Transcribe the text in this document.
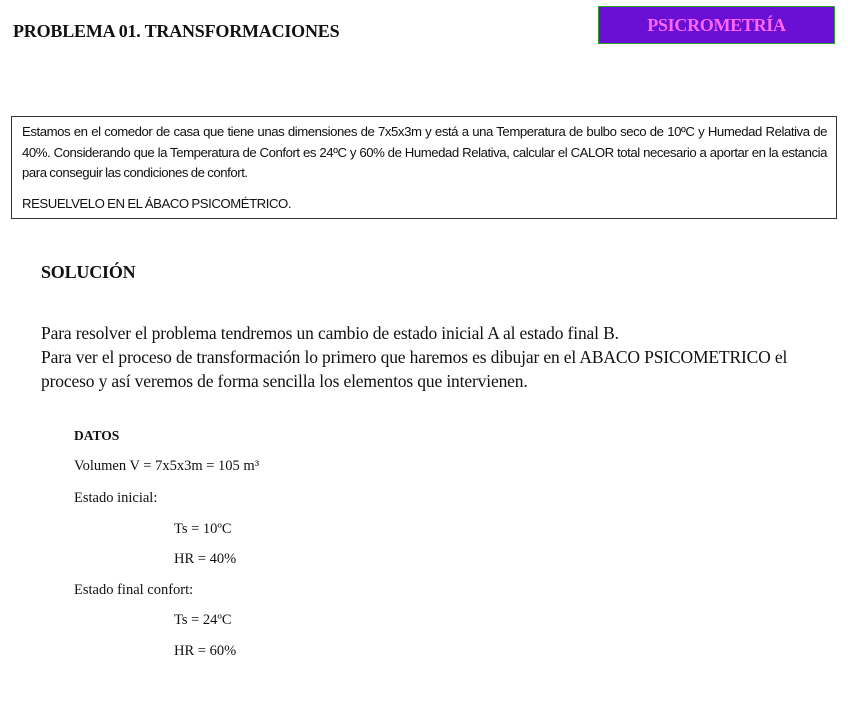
PROBLEMA 01. TRANSFORMACIONES	PSICROMETRÍA
Estamos en el comedor de casa que tiene unas dimensiones de 7x5x3m y está a una Temperatura de bulbo seco de 10ºC y Humedad Relativa de 40%. Considerando que la Temperatura de Confort es 24ºC y 60% de Humedad Relativa, calcular el CALOR total necesario a aportar en la estancia para conseguir las condiciones de confort.
RESUELVELO EN EL ÁBACO PSICOMÉTRICO.
SOLUCIÓN

Para resolver el problema tendremos un cambio de estado inicial A al estado final B.

Para ver el proceso de transformación lo primero que haremos es dibujar en el ABACO PSICOMETRICO el proceso y así veremos de forma sencilla los elementos que intervienen.

DATOS
Volumen V = 7x5x3m = 105 m³
Estado inicial:
Ts = 10ºC
HR = 40%
Estado final confort:
Ts = 24ºC
HR = 60%
